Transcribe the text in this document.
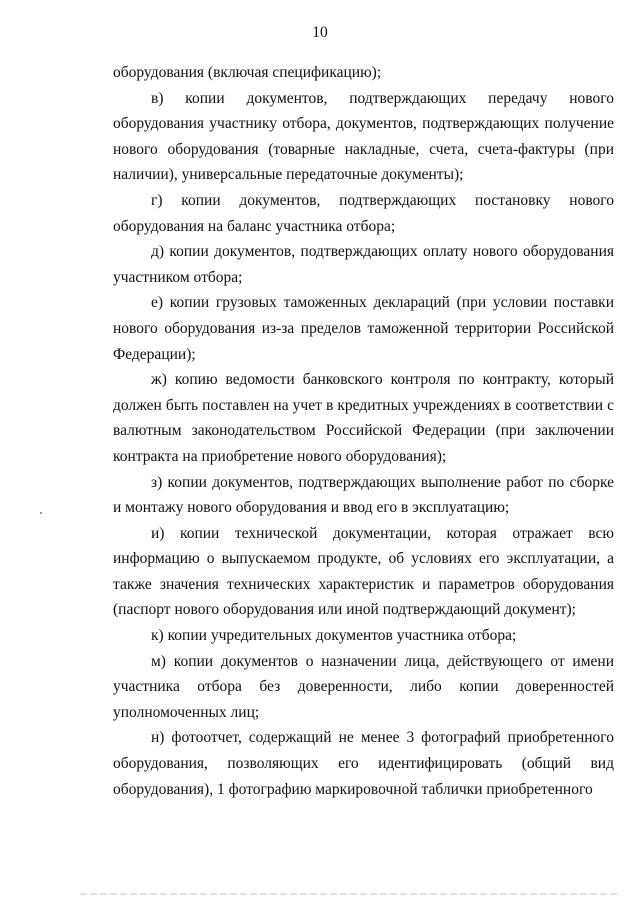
10

оборудования (включая спецификацию);

в) копии документов, подтверждающих передачу нового оборудования участнику отбора, документов, подтверждающих получение нового оборудования (товарные накладные, счета, счета-фактуры (при наличии), универсальные передаточные документы);

г) копии документов, подтверждающих постановку нового оборудования на баланс участника отбора;

д) копии документов, подтверждающих оплату нового оборудования участником отбора;

е) копии грузовых таможенных деклараций (при условии поставки нового оборудования из-за пределов таможенной территории Российской Федерации);

ж) копию ведомости банковского контроля по контракту, который должен быть поставлен на учет в кредитных учреждениях в соответствии с валютным законодательством Российской Федерации (при заключении контракта на приобретение нового оборудования);

з) копии документов, подтверждающих выполнение работ по сборке и монтажу нового оборудования и ввод его в эксплуатацию;

и) копии технической документации, которая отражает всю информацию о выпускаемом продукте, об условиях его эксплуатации, а также значения технических характеристик и параметров оборудования (паспорт нового оборудования или иной подтверждающий документ);

к) копии учредительных документов участника отбора;

м) копии документов о назначении лица, действующего от имени участника отбора без доверенности, либо копии доверенностей уполномоченных лиц;

н) фотоотчет, содержащий не менее 3 фотографий приобретенного оборудования, позволяющих его идентифицировать (общий вид оборудования), 1 фотографию маркировочной таблички приобретенного
